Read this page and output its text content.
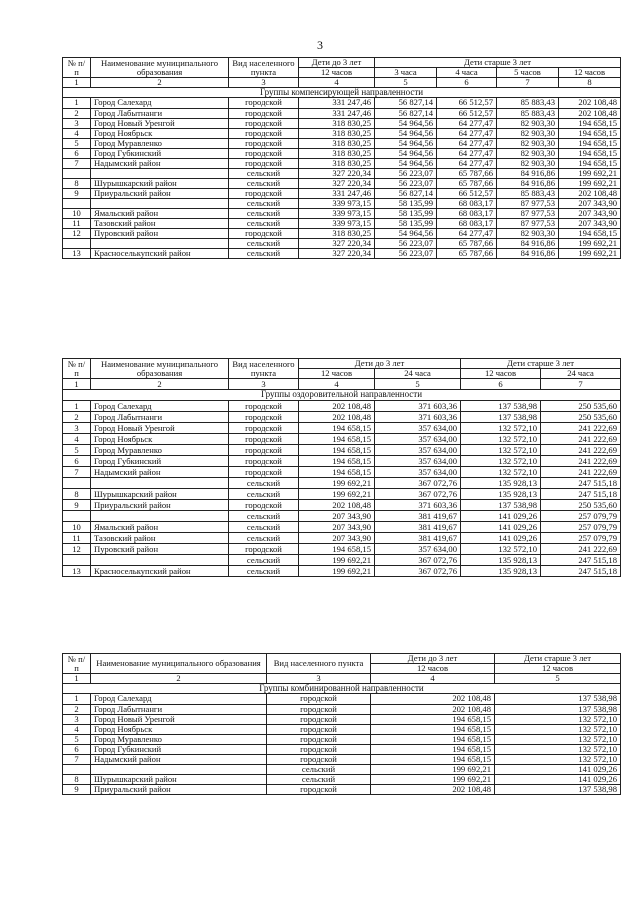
3
№ п/п	Наименование муниципального образования	Вид населенного пункта	Дети до 3 лет	Дети старше 3 лет			
			12 часов	3 часа	4 часа	5 часов	12 часов
1	2	3	4	5	6	7	8
Группы компенсирующей направленности							
1	Город Салехард	городской	331 247,46	56 827,14	66 512,57	85 883,43	202 108,48
2	Город Лабытнанги	городской	331 247,46	56 827,14	66 512,57	85 883,43	202 108,48
3	Город Новый Уренгой	городской	318 830,25	54 964,56	64 277,47	82 903,30	194 658,15
4	Город Ноябрьск	городской	318 830,25	54 964,56	64 277,47	82 903,30	194 658,15
5	Город Муравленко	городской	318 830,25	54 964,56	64 277,47	82 903,30	194 658,15
6	Город Губкинский	городской	318 830,25	54 964,56	64 277,47	82 903,30	194 658,15
7	Надымский район	городской	318 830,25	54 964,56	64 277,47	82 903,30	194 658,15
		сельский	327 220,34	56 223,07	65 787,66	84 916,86	199 692,21
8	Шурышкарский район	сельский	327 220,34	56 223,07	65 787,66	84 916,86	199 692,21
9	Приуральский район	городской	331 247,46	56 827,14	66 512,57	85 883,43	202 108,48
		сельский	339 973,15	58 135,99	68 083,17	87 977,53	207 343,90
10	Ямальский район	сельский	339 973,15	58 135,99	68 083,17	87 977,53	207 343,90
11	Тазовский район	сельский	339 973,15	58 135,99	68 083,17	87 977,53	207 343,90
12	Пуровский район	городской	318 830,25	54 964,56	64 277,47	82 903,30	194 658,15
		сельский	327 220,34	56 223,07	65 787,66	84 916,86	199 692,21
13	Красноселькупский район	сельский	327 220,34	56 223,07	65 787,66	84 916,86	199 692,21
№ п/п	Наименование муниципального образования	Вид населенного пункта	Дети до 3 лет		Дети старше 3 лет	
			12 часов	24 часа	12 часов	24 часа
1	2	3	4	5	6	7
Группы оздоровительной направленности						
1	Город Салехард	городской	202 108,48	371 603,36	137 538,98	250 535,60
2	Город Лабытнанги	городской	202 108,48	371 603,36	137 538,98	250 535,60
3	Город Новый Уренгой	городской	194 658,15	357 634,00	132 572,10	241 222,69
4	Город Ноябрьск	городской	194 658,15	357 634,00	132 572,10	241 222,69
5	Город Муравленко	городской	194 658,15	357 634,00	132 572,10	241 222,69
6	Город Губкинский	городской	194 658,15	357 634,00	132 572,10	241 222,69
7	Надымский район	городской	194 658,15	357 634,00	132 572,10	241 222,69
		сельский	199 692,21	367 072,76	135 928,13	247 515,18
8	Шурышкарский район	сельский	199 692,21	367 072,76	135 928,13	247 515,18
9	Приуральский район	городской	202 108,48	371 603,36	137 538,98	250 535,60
		сельский	207 343,90	381 419,67	141 029,26	257 079,79
10	Ямальский район	сельский	207 343,90	381 419,67	141 029,26	257 079,79
11	Тазовский район	сельский	207 343,90	381 419,67	141 029,26	257 079,79
12	Пуровский район	городской	194 658,15	357 634,00	132 572,10	241 222,69
		сельский	199 692,21	367 072,76	135 928,13	247 515,18
13	Красноселькупский район	сельский	199 692,21	367 072,76	135 928,13	247 515,18
№ п/п	Наименование муниципального образования	Вид населенного пункта	Дети до 3 лет	Дети старше 3 лет
			12 часов	12 часов
1	2	3	4	5
Группы комбинированной направленности				
1	Город Салехард	городской	202 108,48	137 538,98
2	Город Лабытнанги	городской	202 108,48	137 538,98
3	Город Новый Уренгой	городской	194 658,15	132 572,10
4	Город Ноябрьск	городской	194 658,15	132 572,10
5	Город Муравленко	городской	194 658,15	132 572,10
6	Город Губкинский	городской	194 658,15	132 572,10
7	Надымский район	городской	194 658,15	132 572,10
		сельский	199 692,21	141 029,26
8	Шурышкарский район	сельский	199 692,21	141 029,26
9	Приуральский район	городской	202 108,48	137 538,98
